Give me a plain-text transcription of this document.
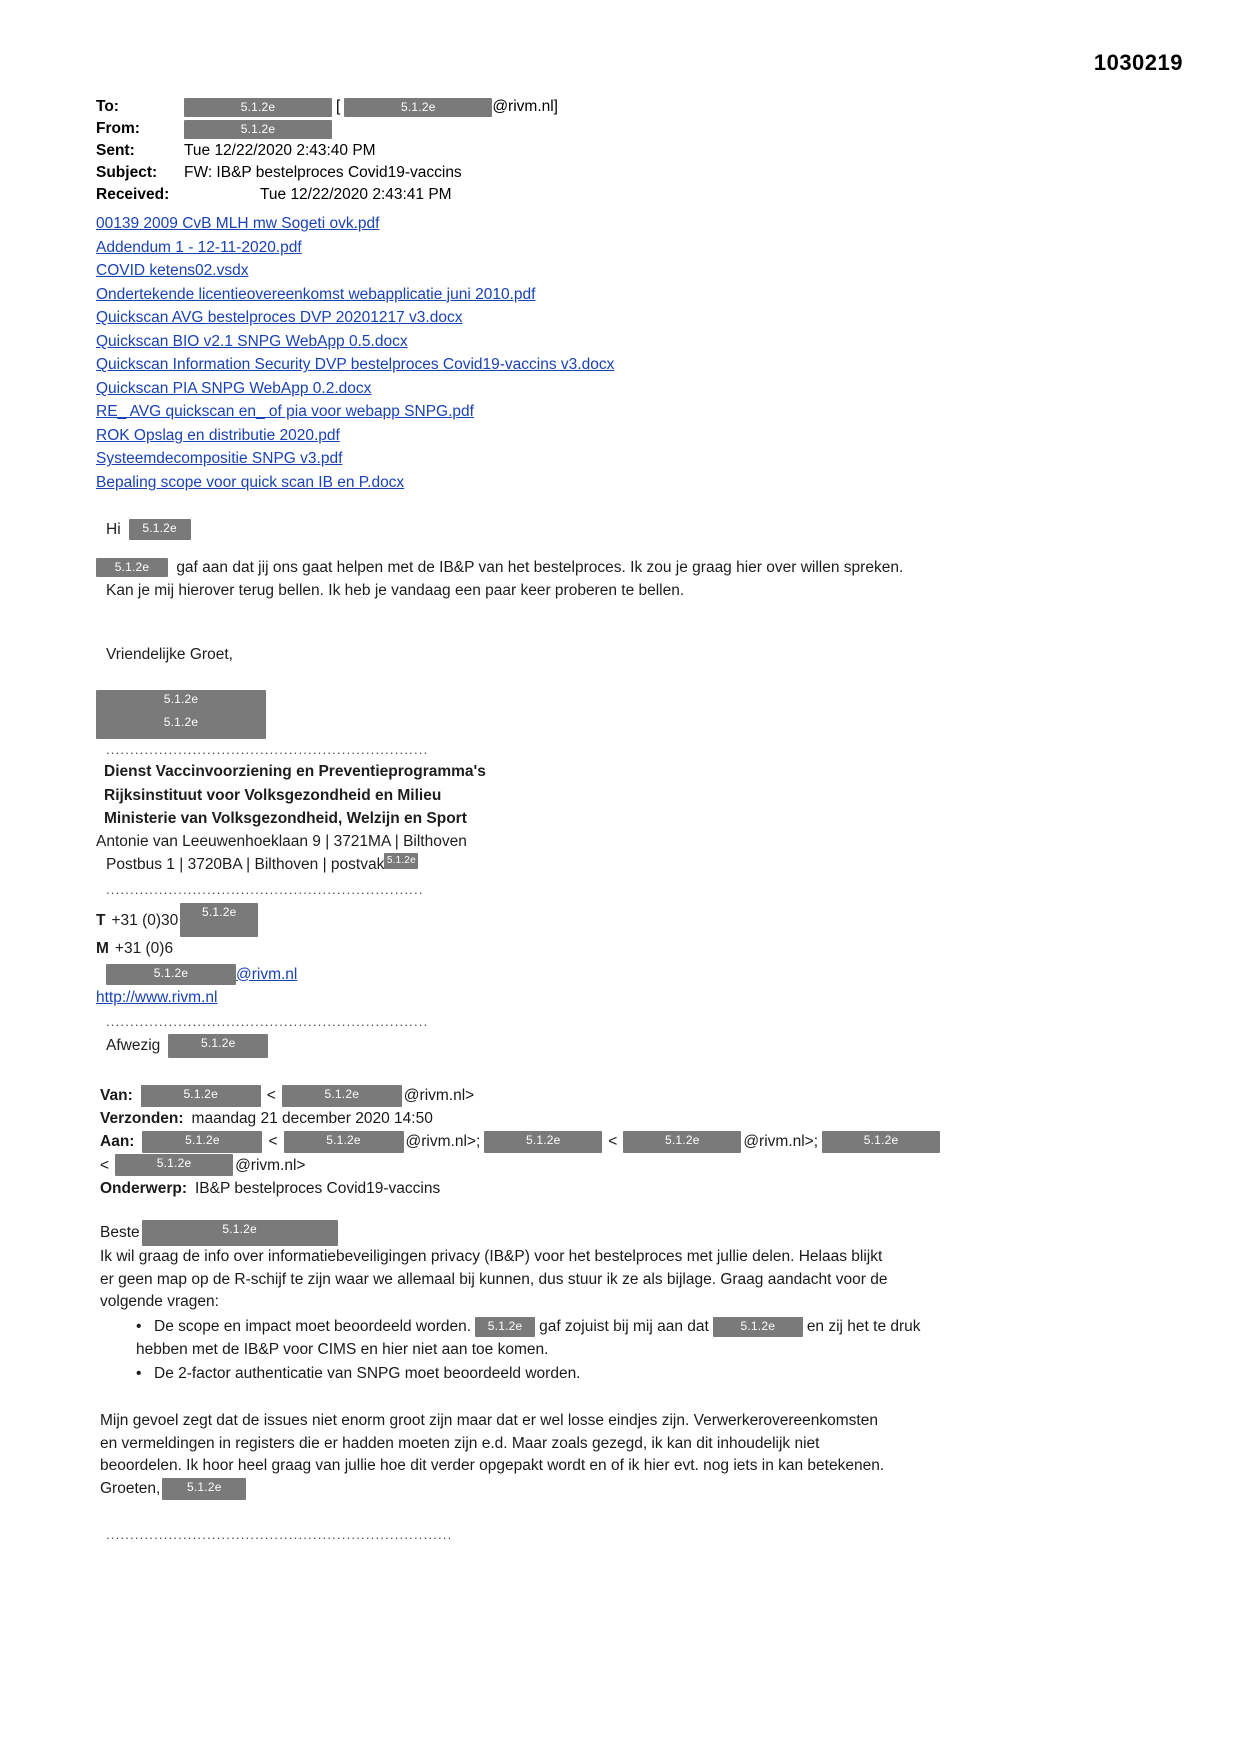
1030219
To:	5.1.2e	[	5.1.2e	@rivm.nl]
From:	5.1.2e
Sent:	Tue 12/22/2020 2:43:40 PM
Subject:	FW: IB&P bestelproces Covid19-vaccins
Received:	Tue 12/22/2020 2:43:41 PM
00139 2009 CvB MLH mw Sogeti ovk.pdf
Addendum 1 - 12-11-2020.pdf
COVID ketens02.vsdx
Ondertekende licentieovereenkomst webapplicatie juni 2010.pdf
Quickscan AVG bestelproces DVP 20201217 v3.docx
Quickscan BIO v2.1 SNPG WebApp 0.5.docx
Quickscan Information Security DVP bestelproces Covid19-vaccins v3.docx
Quickscan PIA SNPG WebApp 0.2.docx
RE_ AVG quickscan en_ of pia voor webapp SNPG.pdf
ROK Opslag en distributie 2020.pdf
Systeemdecompositie SNPG v3.pdf
Bepaling scope voor quick scan IB en P.docx
Hi	5.1.2e
5.1.2e gaf aan dat jij ons gaat helpen met de IB&P van het bestelproces. Ik zou je graag hier over willen spreken.
Kan je mij hierover terug bellen. Ik heb je vandaag een paar keer proberen te bellen.
Vriendelijke Groet,
5.1.2e
5.1.2e
...................................................................
Dienst Vaccinvoorziening en Preventieprogramma's
Rijksinstituut voor Volksgezondheid en Milieu
Ministerie van Volksgezondheid, Welzijn en Sport
Antonie van Leeuwenhoeklaan 9 | 3721MA | Bilthoven
Postbus 1 | 3720BA | Bilthoven | postvak 5.1.2e
..................................................................
T +31 (0)30	5.1.2e
M +31 (0)6
5.1.2e	@rivm.nl
http://www.rivm.nl
...................................................................
Afwezig	5.1.2e
Van:	5.1.2e	<	5.1.2e	@rivm.nl>
Verzonden: maandag 21 december 2020 14:50
Aan:	5.1.2e	<	5.1.2e	@rivm.nl>;	5.1.2e	<	5.1.2e	@rivm.nl>;	5.1.2e
<	5.1.2e	@rivm.nl>
Onderwerp: IB&P bestelproces Covid19-vaccins
Beste	5.1.2e
Ik wil graag de info over informatiebeveiligingen privacy (IB&P) voor het bestelproces met jullie delen. Helaas blijkt
er geen map op de R-schijf te zijn waar we allemaal bij kunnen, dus stuur ik ze als bijlage. Graag aandacht voor de
volgende vragen:
• De scope en impact moet beoordeeld worden. 5.1.2e gaf zojuist bij mij aan dat	5.1.2e en zij het te druk
hebben met de IB&P voor CIMS en hier niet aan toe komen.
• De 2-factor authenticatie van SNPG moet beoordeeld worden.
Mijn gevoel zegt dat de issues niet enorm groot zijn maar dat er wel losse eindjes zijn. Verwerkerovereenkomsten
en vermeldingen in registers die er hadden moeten zijn e.d. Maar zoals gezegd, ik kan dit inhoudelijk niet
beoordelen. Ik hoor heel graag van jullie hoe dit verder opgepakt wordt en of ik hier evt. nog iets in kan betekenen.
Groeten,	5.1.2e
........................................................................
